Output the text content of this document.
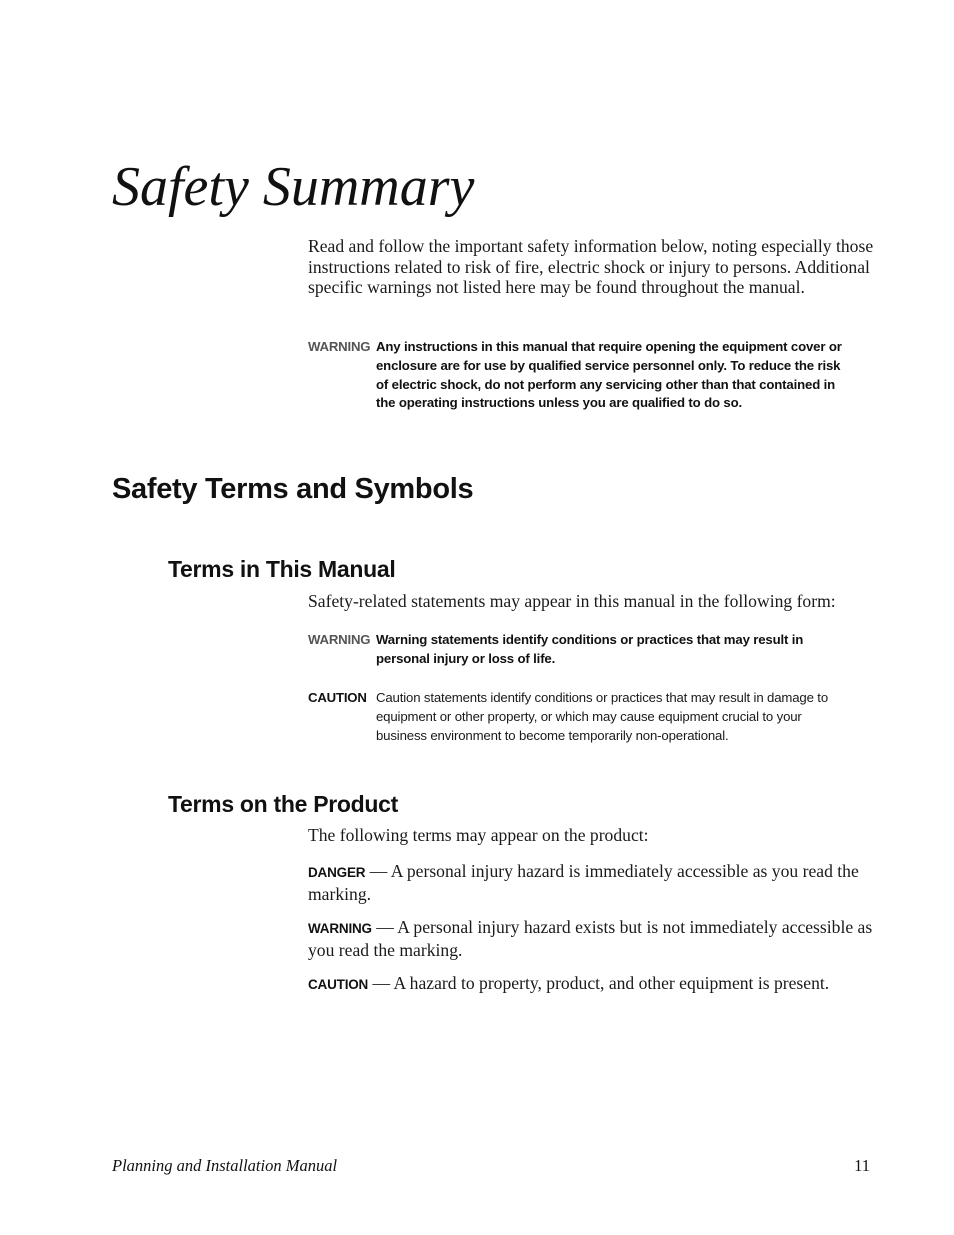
Safety Summary

Read and follow the important safety information below, noting especially those instructions related to risk of fire, electric shock or injury to persons. Additional specific warnings not listed here may be found throughout the manual.

WARNING Any instructions in this manual that require opening the equipment cover or enclosure are for use by qualified service personnel only. To reduce the risk of electric shock, do not perform any servicing other than that contained in the operating instructions unless you are qualified to do so.
Safety Terms and Symbols
Terms in This Manual

Safety-related statements may appear in this manual in the following form:

WARNING Warning statements identify conditions or practices that may result in personal injury or loss of life.
CAUTION Caution statements identify conditions or practices that may result in damage to equipment or other property, or which may cause equipment crucial to your business environment to become temporarily non-operational.
Terms on the Product

The following terms may appear on the product:

DANGER — A personal injury hazard is immediately accessible as you read the marking.

WARNING — A personal injury hazard exists but is not immediately accessible as you read the marking.

CAUTION — A hazard to property, product, and other equipment is present.

Planning and Installation Manual	11
